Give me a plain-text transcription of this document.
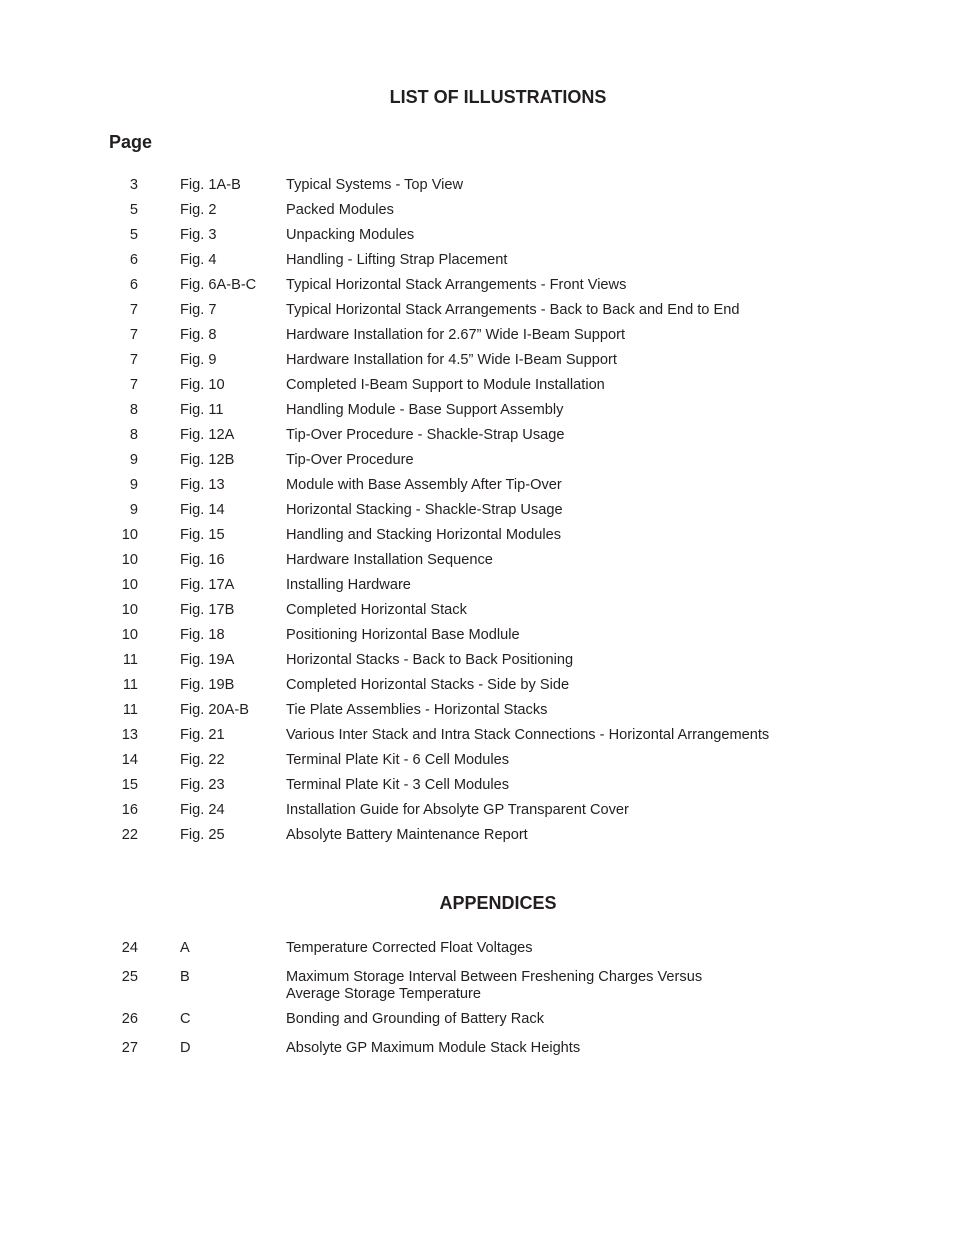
LIST OF ILLUSTRATIONS
Page
3	Fig. 1A-B	Typical Systems - Top View
5	Fig. 2	Packed Modules
5	Fig. 3	Unpacking Modules
6	Fig. 4	Handling - Lifting Strap Placement
6	Fig. 6A-B-C Typical Horizontal Stack Arrangements - Front Views
7	Fig. 7	Typical Horizontal Stack Arrangements - Back to Back and End to End
7	Fig. 8	Hardware Installation for 2.67” Wide I-Beam Support
7	Fig. 9	Hardware Installation for 4.5” Wide I-Beam Support
7	Fig. 10	Completed I-Beam Support to Module Installation
8	Fig. 11	Handling Module - Base Support Assembly
8	Fig. 12A	Tip-Over Procedure - Shackle-Strap Usage
9	Fig. 12B	Tip-Over Procedure
9	Fig. 13	Module with Base Assembly After Tip-Over
9	Fig. 14	Horizontal Stacking - Shackle-Strap Usage
10	Fig. 15	Handling and Stacking Horizontal Modules
10	Fig. 16	Hardware Installation Sequence
10	Fig. 17A	Installing Hardware
10	Fig. 17B	Completed Horizontal Stack
10	Fig. 18	Positioning Horizontal Base Modlule
11	Fig. 19A	Horizontal Stacks - Back to Back Positioning
11	Fig. 19B	Completed Horizontal Stacks - Side by Side
11	Fig. 20A-B	Tie Plate Assemblies - Horizontal Stacks
13	Fig. 21	Various Inter Stack and Intra Stack Connections - Horizontal Arrangements
14	Fig. 22	Terminal Plate Kit - 6 Cell Modules
15	Fig. 23	Terminal Plate Kit - 3 Cell Modules
16	Fig. 24	Installation Guide for Absolyte GP Transparent Cover
22	Fig. 25	Absolyte Battery Maintenance Report
APPENDICES
24	A	Temperature Corrected Float Voltages
25	B	Maximum Storage Interval Between Freshening Charges Versus
Average Storage Temperature
26	C	Bonding and Grounding of Battery Rack
27	D	Absolyte GP Maximum Module Stack Heights
